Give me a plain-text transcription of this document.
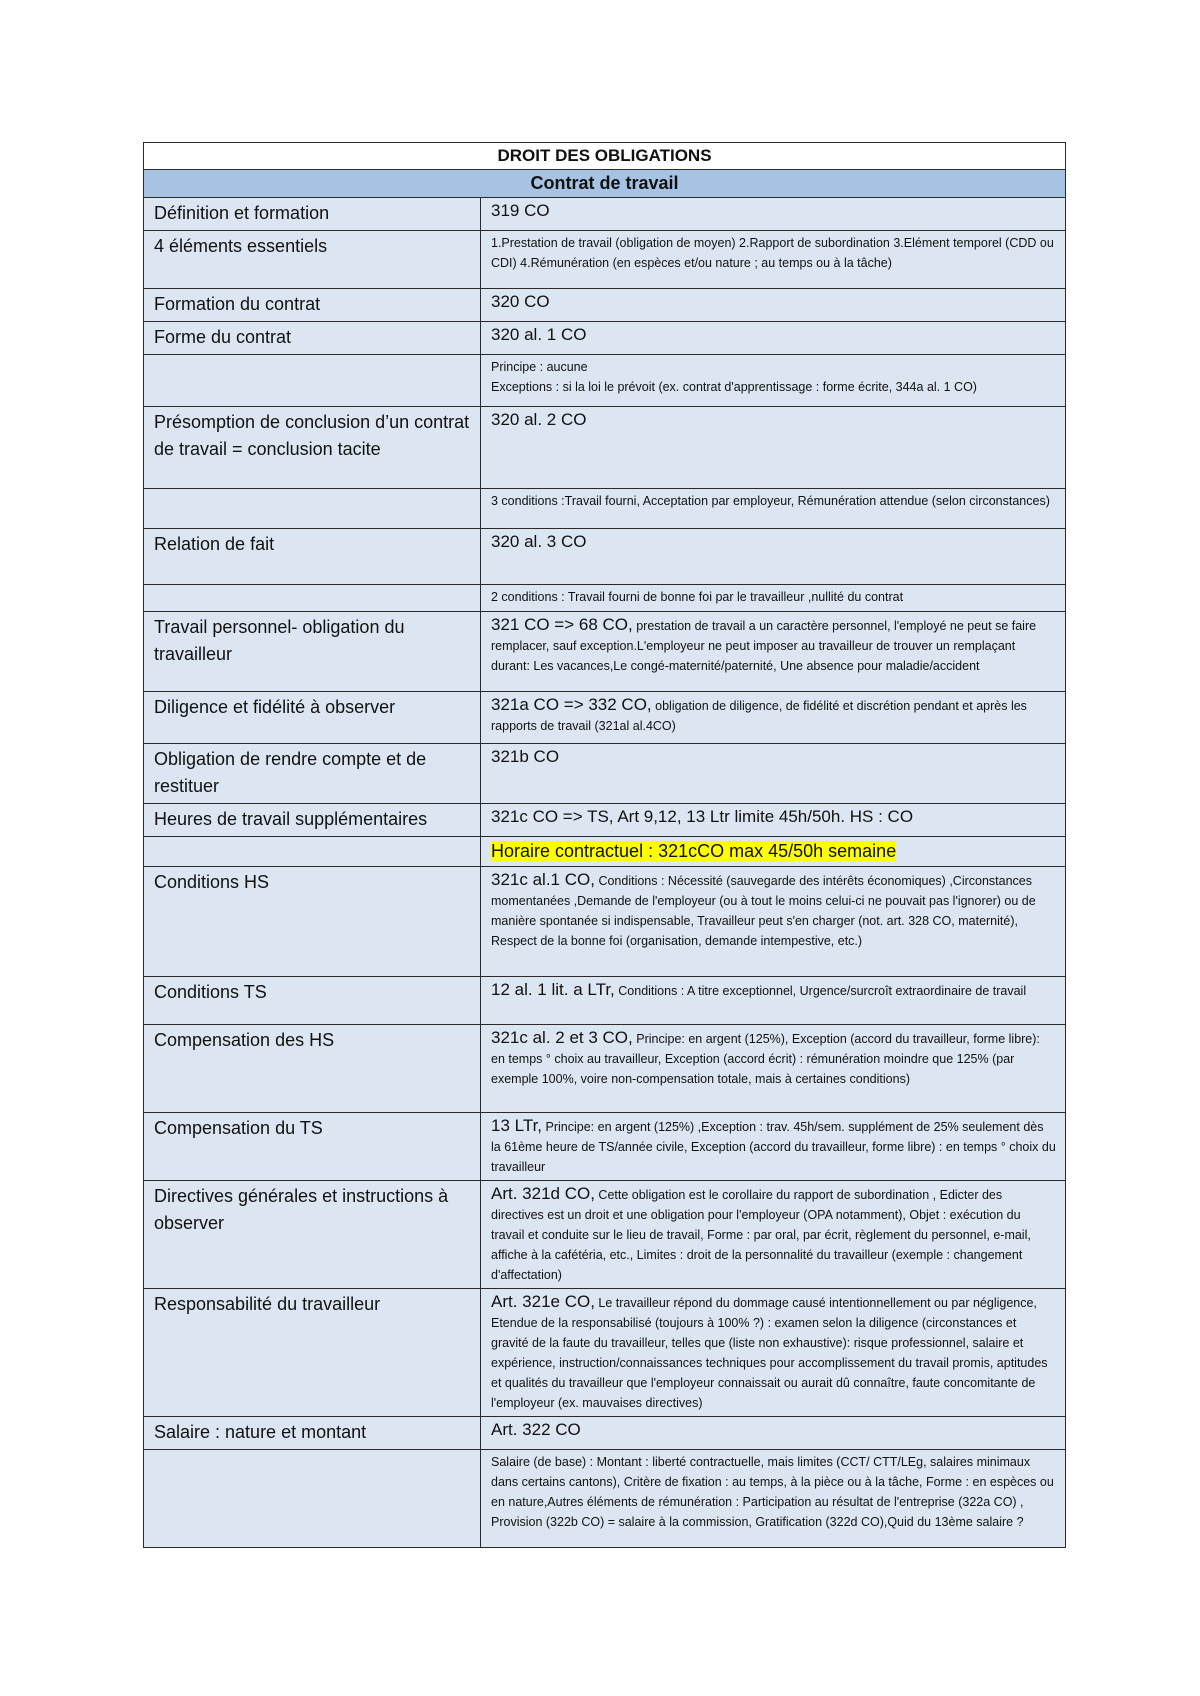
DROIT DES OBLIGATIONS	
Contrat de travail	

Définition et formation	319 CO

4 éléments essentiels	1.Prestation de travail (obligation de moyen) 2.Rapport de subordination 3.Elément temporel (CDD ou CDI) 4.Rémunération (en espèces et/ou nature ; au temps ou à la tâche)

Formation du contrat	320 CO

Forme du contrat	320 al. 1 CO

	Principe : aucune
Exceptions : si la loi le prévoit (ex. contrat d'apprentissage : forme écrite, 344a al. 1 CO)

Présomption de conclusion d’un contrat de travail = conclusion tacite	320 al. 2 CO

	3 conditions :Travail fourni, Acceptation par employeur, Rémunération attendue (selon circonstances)

Relation de fait	320 al. 3 CO

	2 conditions : Travail fourni de bonne foi par le travailleur ,nullité du contrat

Travail personnel- obligation du travailleur	321 CO => 68 CO, prestation de travail a un caractère personnel, l'employé ne peut se faire remplacer, sauf exception.L'employeur ne peut imposer au travailleur de trouver un remplaçant durant: Les vacances,Le congé-maternité/paternité, Une absence pour maladie/accident

Diligence et fidélité à observer	321a CO => 332 CO, obligation de diligence, de fidélité et discrétion pendant et après les rapports de travail (321al al.4CO)

Obligation de rendre compte et de restituer	321b CO

Heures de travail supplémentaires	321c CO => TS, Art 9,12, 13 Ltr limite 45h/50h. HS : CO

	Horaire contractuel : 321cCO max 45/50h semaine

Conditions HS	321c al.1 CO, Conditions : Nécessité (sauvegarde des intérêts économiques) ,Circonstances momentanées ,Demande de l'employeur (ou à tout le moins celui-ci ne pouvait pas l'ignorer) ou de manière spontanée si indispensable, Travailleur peut s'en charger (not. art. 328 CO, maternité), Respect de la bonne foi (organisation, demande intempestive, etc.)

Conditions TS	12 al. 1 lit. a LTr, Conditions : A titre exceptionnel, Urgence/surcroît extraordinaire de travail

Compensation des HS	321c al. 2 et 3 CO, Principe: en argent (125%), Exception (accord du travailleur, forme libre): en temps ° choix au travailleur, Exception (accord écrit) : rémunération moindre que 125% (par exemple 100%, voire non-compensation totale, mais à certaines conditions)

Compensation du TS	13 LTr, Principe: en argent (125%) ,Exception : trav. 45h/sem. supplément de 25% seulement dès la 61ème heure de TS/année civile, Exception (accord du travailleur, forme libre) : en temps ° choix du travailleur

Directives générales et instructions à observer	Art. 321d CO, Cette obligation est le corollaire du rapport de subordination , Edicter des directives est un droit et une obligation pour l'employeur (OPA notamment), Objet : exécution du travail et conduite sur le lieu de travail, Forme : par oral, par écrit, règlement du personnel, e-mail, affiche à la cafétéria, etc., Limites : droit de la personnalité du travailleur (exemple : changement d'affectation)

Responsabilité du travailleur	Art. 321e CO, Le travailleur répond du dommage causé intentionnellement ou par négligence, Etendue de la responsabilisé (toujours à 100% ?) : examen selon la diligence (circonstances et gravité de la faute du travailleur, telles que (liste non exhaustive): risque professionnel, salaire et expérience, instruction/connaissances techniques pour accomplissement du travail promis, aptitudes et qualités du travailleur que l'employeur connaissait ou aurait dû connaître, faute concomitante de l'employeur (ex. mauvaises directives)

Salaire : nature et montant	Art. 322 CO

	Salaire (de base) : Montant : liberté contractuelle, mais limites (CCT/ CTT/LEg, salaires minimaux dans certains cantons), Critère de fixation : au temps, à la pièce ou à la tâche, Forme : en espèces ou en nature,Autres éléments de rémunération : Participation au résultat de l'entreprise (322a CO) , Provision (322b CO) = salaire à la commission, Gratification (322d CO),Quid du 13ème salaire ?
